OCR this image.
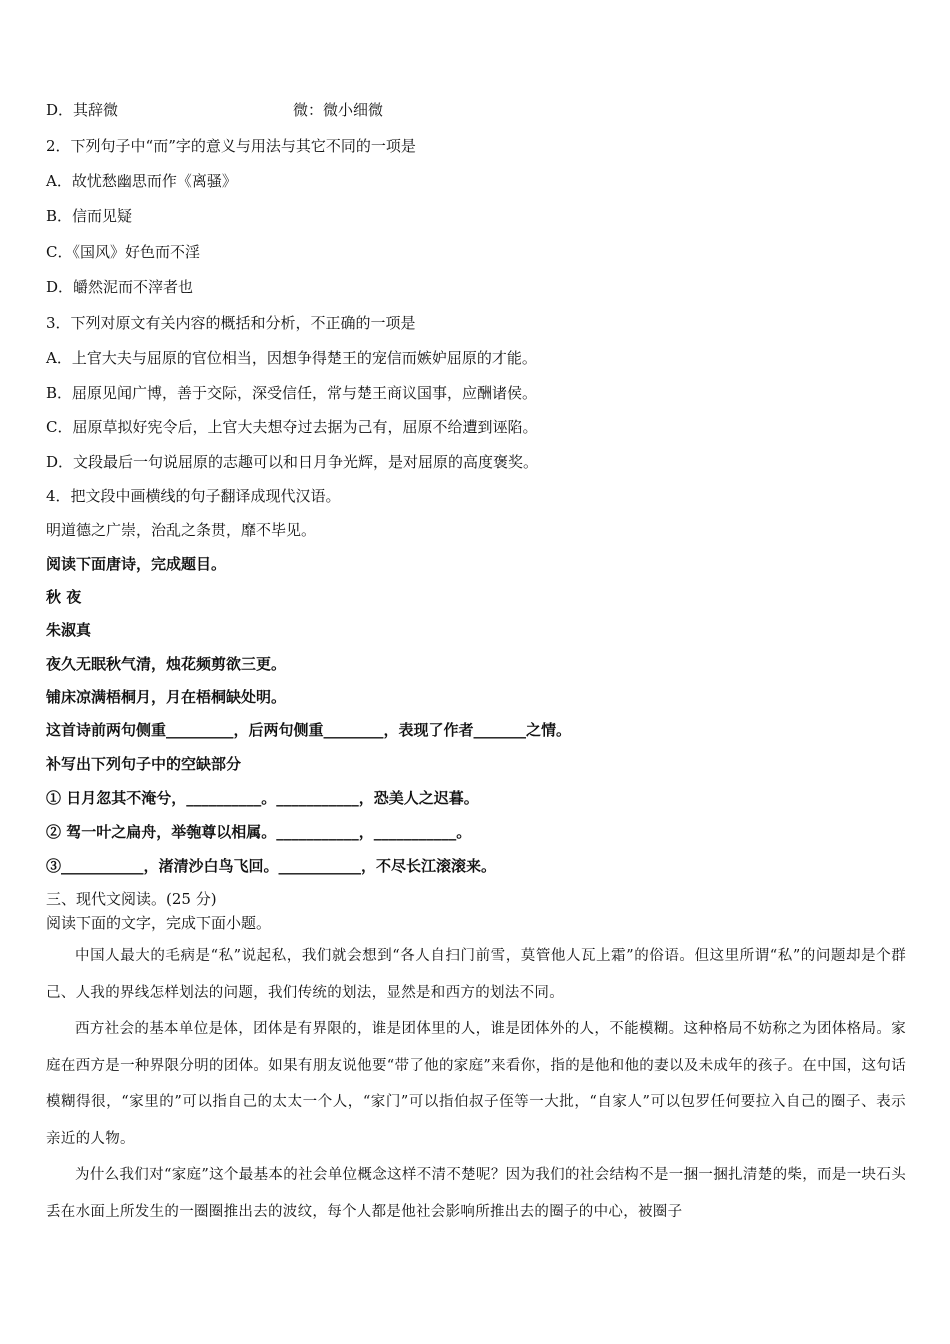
D．其辞微	微：微小细微
2．下列句子中“而”字的意义与用法与其它不同的一项是
A．故忧愁幽思而作《离骚》
B．信而见疑
C．《国风》好色而不淫
D．皭然泥而不滓者也
3．下列对原文有关内容的概括和分析，不正确的一项是
A．上官大夫与屈原的官位相当，因想争得楚王的宠信而嫉妒屈原的才能。
B．屈原见闻广博，善于交际，深受信任，常与楚王商议国事，应酬诸侯。
C．屈原草拟好宪令后，上官大夫想夺过去据为己有，屈原不给遭到诬陷。
D．文段最后一句说屈原的志趣可以和日月争光辉，是对屈原的高度褒奖。
4．把文段中画横线的句子翻译成现代汉语。
明道德之广崇，治乱之条贯，靡不毕见。
阅读下面唐诗，完成题目。
秋 夜
朱淑真
夜久无眠秋气清，烛花频剪欲三更。
铺床凉满梧桐月，月在梧桐缺处明。
这首诗前两句侧重_________，后两句侧重________，表现了作者_______之情。
补写出下列句子中的空缺部分
① 日月忽其不淹兮，__________。___________，恐美人之迟暮。
② 驾一叶之扁舟，举匏尊以相属。___________，___________。
③___________，渚清沙白鸟飞回。___________，不尽长江滚滚来。
三、现代文阅读。(25 分)
阅读下面的文字，完成下面小题。

中国人最大的毛病是“私”说起私，我们就会想到“各人自扫门前雪，莫管他人瓦上霜”的俗语。但这里所谓“私”的问题却是个群己、人我的界线怎样划法的问题，我们传统的划法，显然是和西方的划法不同。

西方社会的基本单位是体，团体是有界限的，谁是团体里的人，谁是团体外的人，不能模糊。这种格局不妨称之为团体格局。家庭在西方是一种界限分明的团体。如果有朋友说他要“带了他的家庭”来看你，指的是他和他的妻以及未成年的孩子。在中国，这句话模糊得很，“家里的”可以指自己的太太一个人，“家门”可以指伯叔子侄等一大批，“自家人”可以包罗任何要拉入自己的圈子、表示亲近的人物。

为什么我们对“家庭”这个最基本的社会单位概念这样不清不楚呢？因为我们的社会结构不是一捆一捆扎清楚的柴，而是一块石头丢在水面上所发生的一圈圈推出去的波纹，每个人都是他社会影响所推出去的圈子的中心，被圈子
